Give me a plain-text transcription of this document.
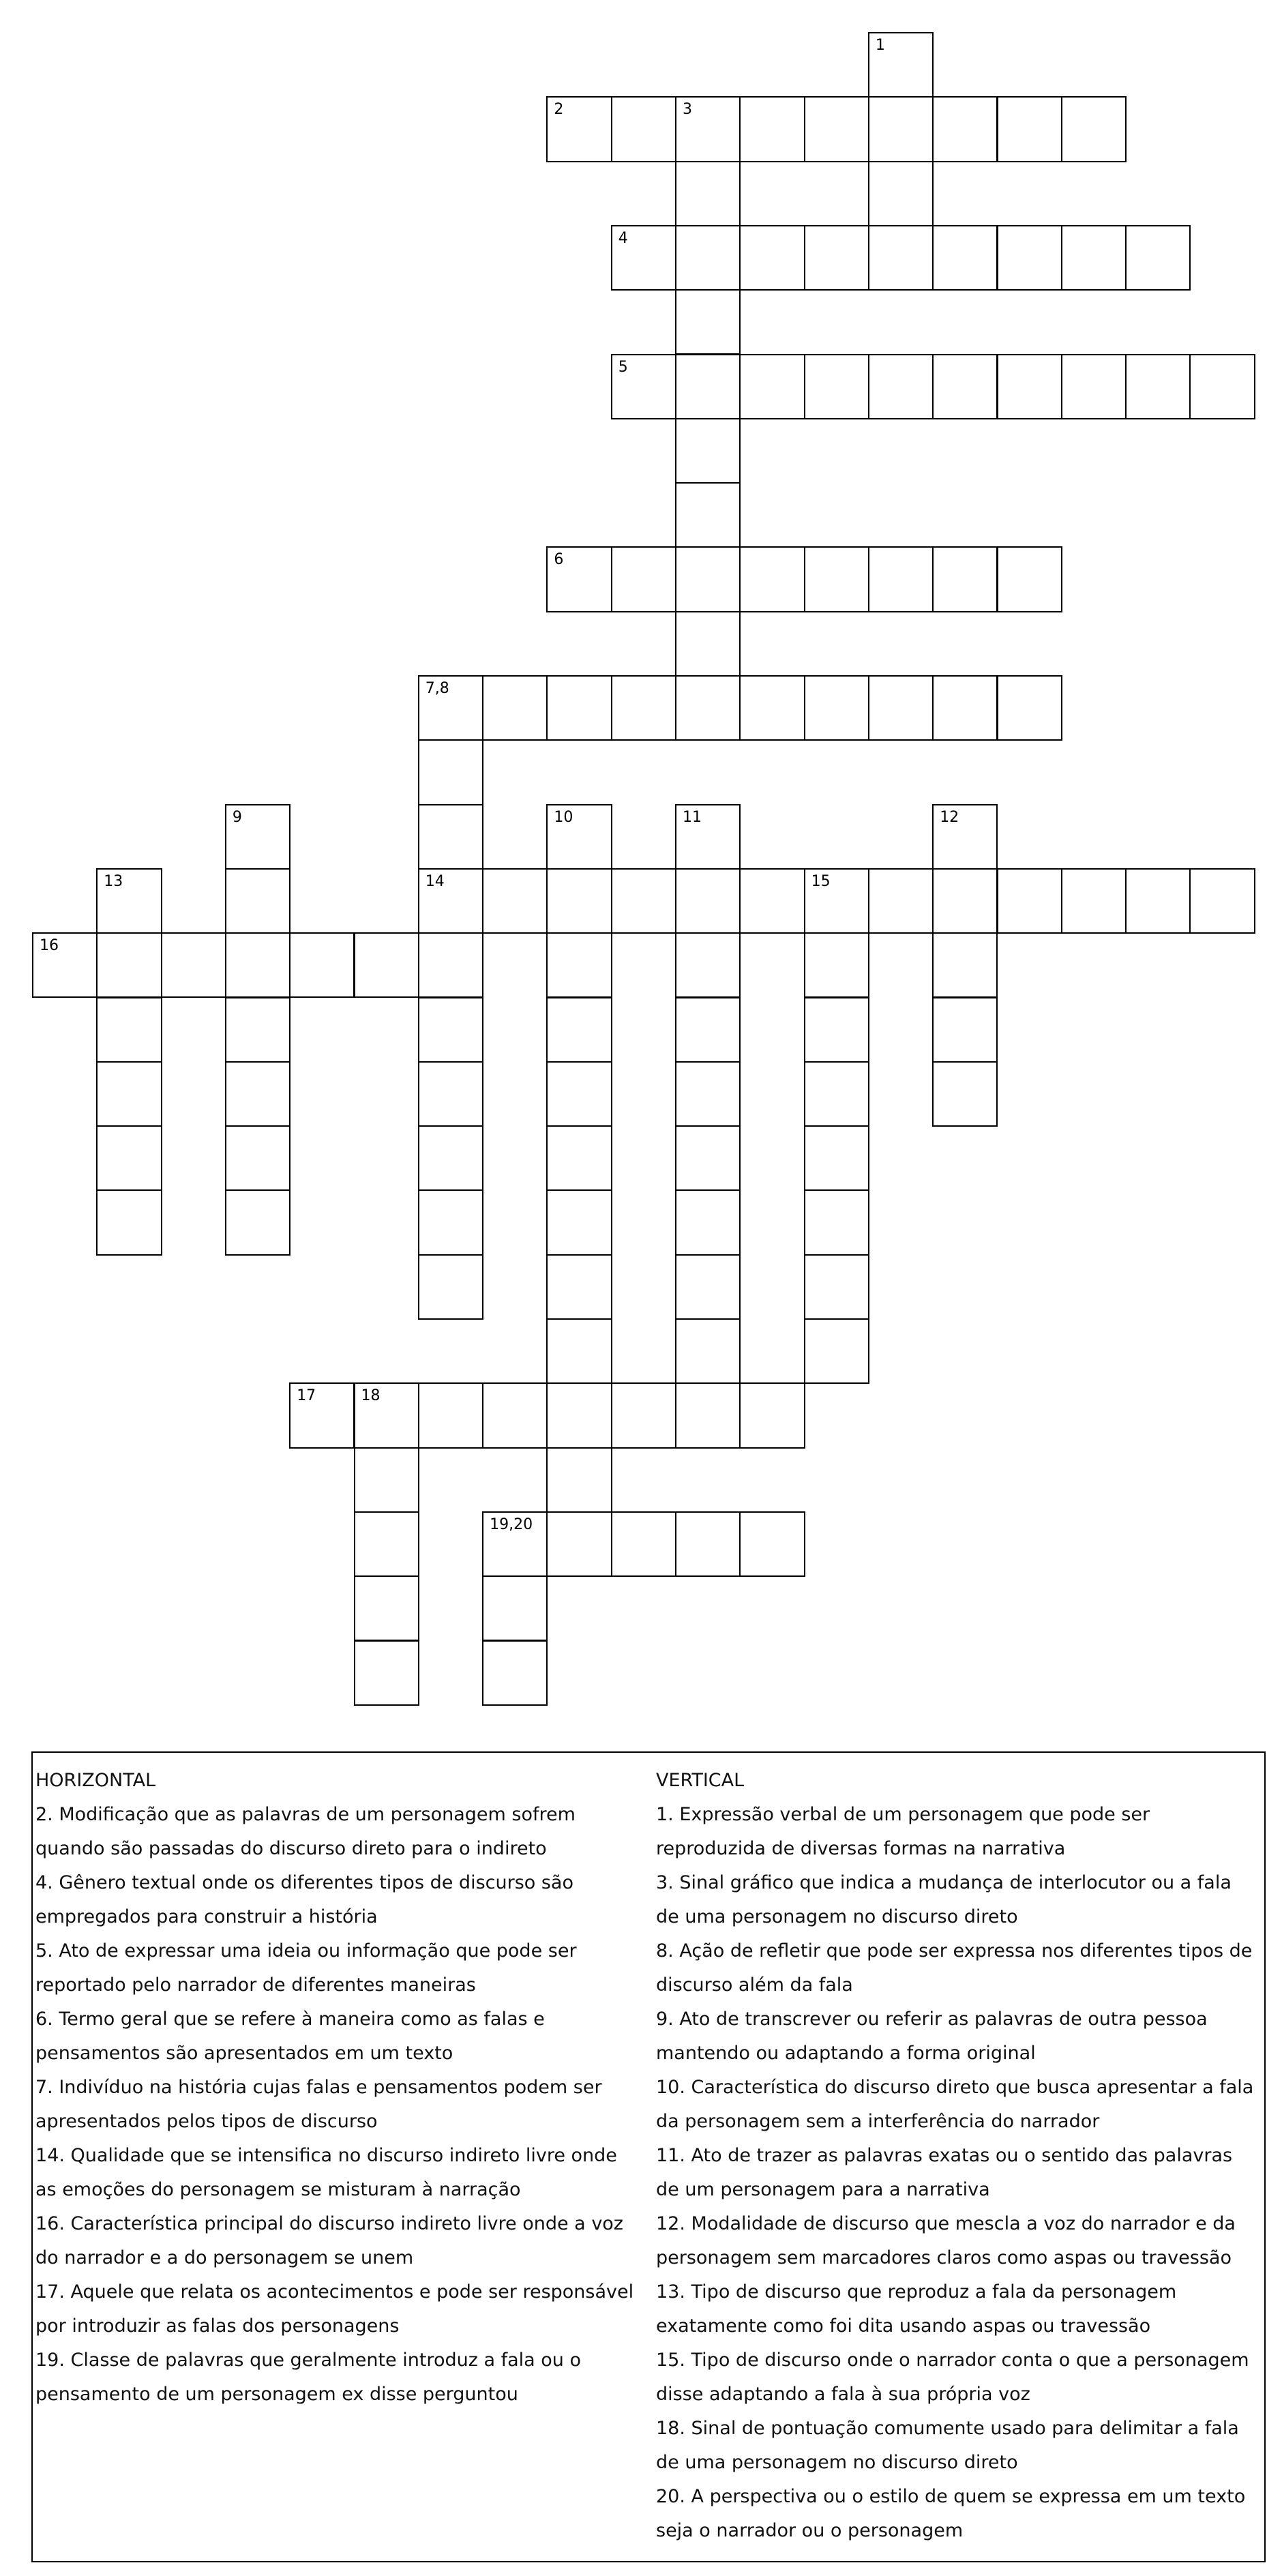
1
2	3
4
5
6
7,8
9	10	11	12
13	14	15
16
17	18
19,20

HORIZONTAL

2. Modificação que as palavras de um personagem sofrem quando são passadas do discurso direto para o indireto

4. Gênero textual onde os diferentes tipos de discurso são empregados para construir a história

5. Ato de expressar uma ideia ou informação que pode ser reportado pelo narrador de diferentes maneiras

6. Termo geral que se refere à maneira como as falas e pensamentos são apresentados em um texto

7. Indivíduo na história cujas falas e pensamentos podem ser apresentados pelos tipos de discurso

14. Qualidade que se intensifica no discurso indireto livre onde as emoções do personagem se misturam à narração

16. Característica principal do discurso indireto livre onde a voz do narrador e a do personagem se unem

17. Aquele que relata os acontecimentos e pode ser responsável por introduzir as falas dos personagens

19. Classe de palavras que geralmente introduz a fala ou o pensamento de um personagem ex disse perguntou

VERTICAL

1. Expressão verbal de um personagem que pode ser reproduzida de diversas formas na narrativa

3. Sinal gráfico que indica a mudança de interlocutor ou a fala de uma personagem no discurso direto

8. Ação de refletir que pode ser expressa nos diferentes tipos de discurso além da fala

9. Ato de transcrever ou referir as palavras de outra pessoa mantendo ou adaptando a forma original

10. Característica do discurso direto que busca apresentar a fala da personagem sem a interferência do narrador

11. Ato de trazer as palavras exatas ou o sentido das palavras de um personagem para a narrativa

12. Modalidade de discurso que mescla a voz do narrador e da personagem sem marcadores claros como aspas ou travessão

13. Tipo de discurso que reproduz a fala da personagem exatamente como foi dita usando aspas ou travessão

15. Tipo de discurso onde o narrador conta o que a personagem disse adaptando a fala à sua própria voz

18. Sinal de pontuação comumente usado para delimitar a fala de uma personagem no discurso direto

20. A perspectiva ou o estilo de quem se expressa em um texto seja o narrador ou o personagem
